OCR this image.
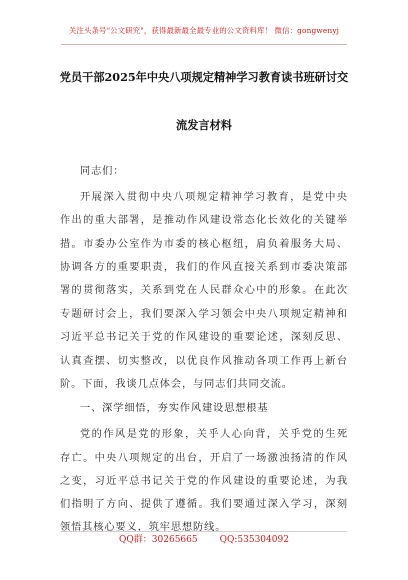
关注头条号"公文研究"，获得最新最全最专业的公文资料库！ 微信：gongwenyj
党员干部2025年中央八项规定精神学习教育读书班研讨交
流发言材料
同志们：
开展深入贯彻中央八项规定精神学习教育，是党中央
作出的重大部署，是推动作风建设常态化长效化的关键举
措。市委办公室作为市委的核心枢纽，肩负着服务大局、
协调各方的重要职责，我们的作风直接关系到市委决策部
署的贯彻落实，关系到党在人民群众心中的形象。在此次
专题研讨会上，我们要深入学习领会中央八项规定精神和
习近平总书记关于党的作风建设的重要论述，深刻反思、
认真查摆、切实整改，以优良作风推动各项工作再上新台
阶。下面，我谈几点体会，与同志们共同交流。
一、深学细悟，夯实作风建设思想根基
党的作风是党的形象，关乎人心向背，关乎党的生死
存亡。中央八项规定的出台，开启了一场激浊扬清的作风
之变，习近平总书记关于党的作风建设的重要论述，为我
们指明了方向、提供了遵循。我们要通过深入学习，深刻
领悟其核心要义，筑牢思想防线。
QQ群：30265665 QQ:535304092
